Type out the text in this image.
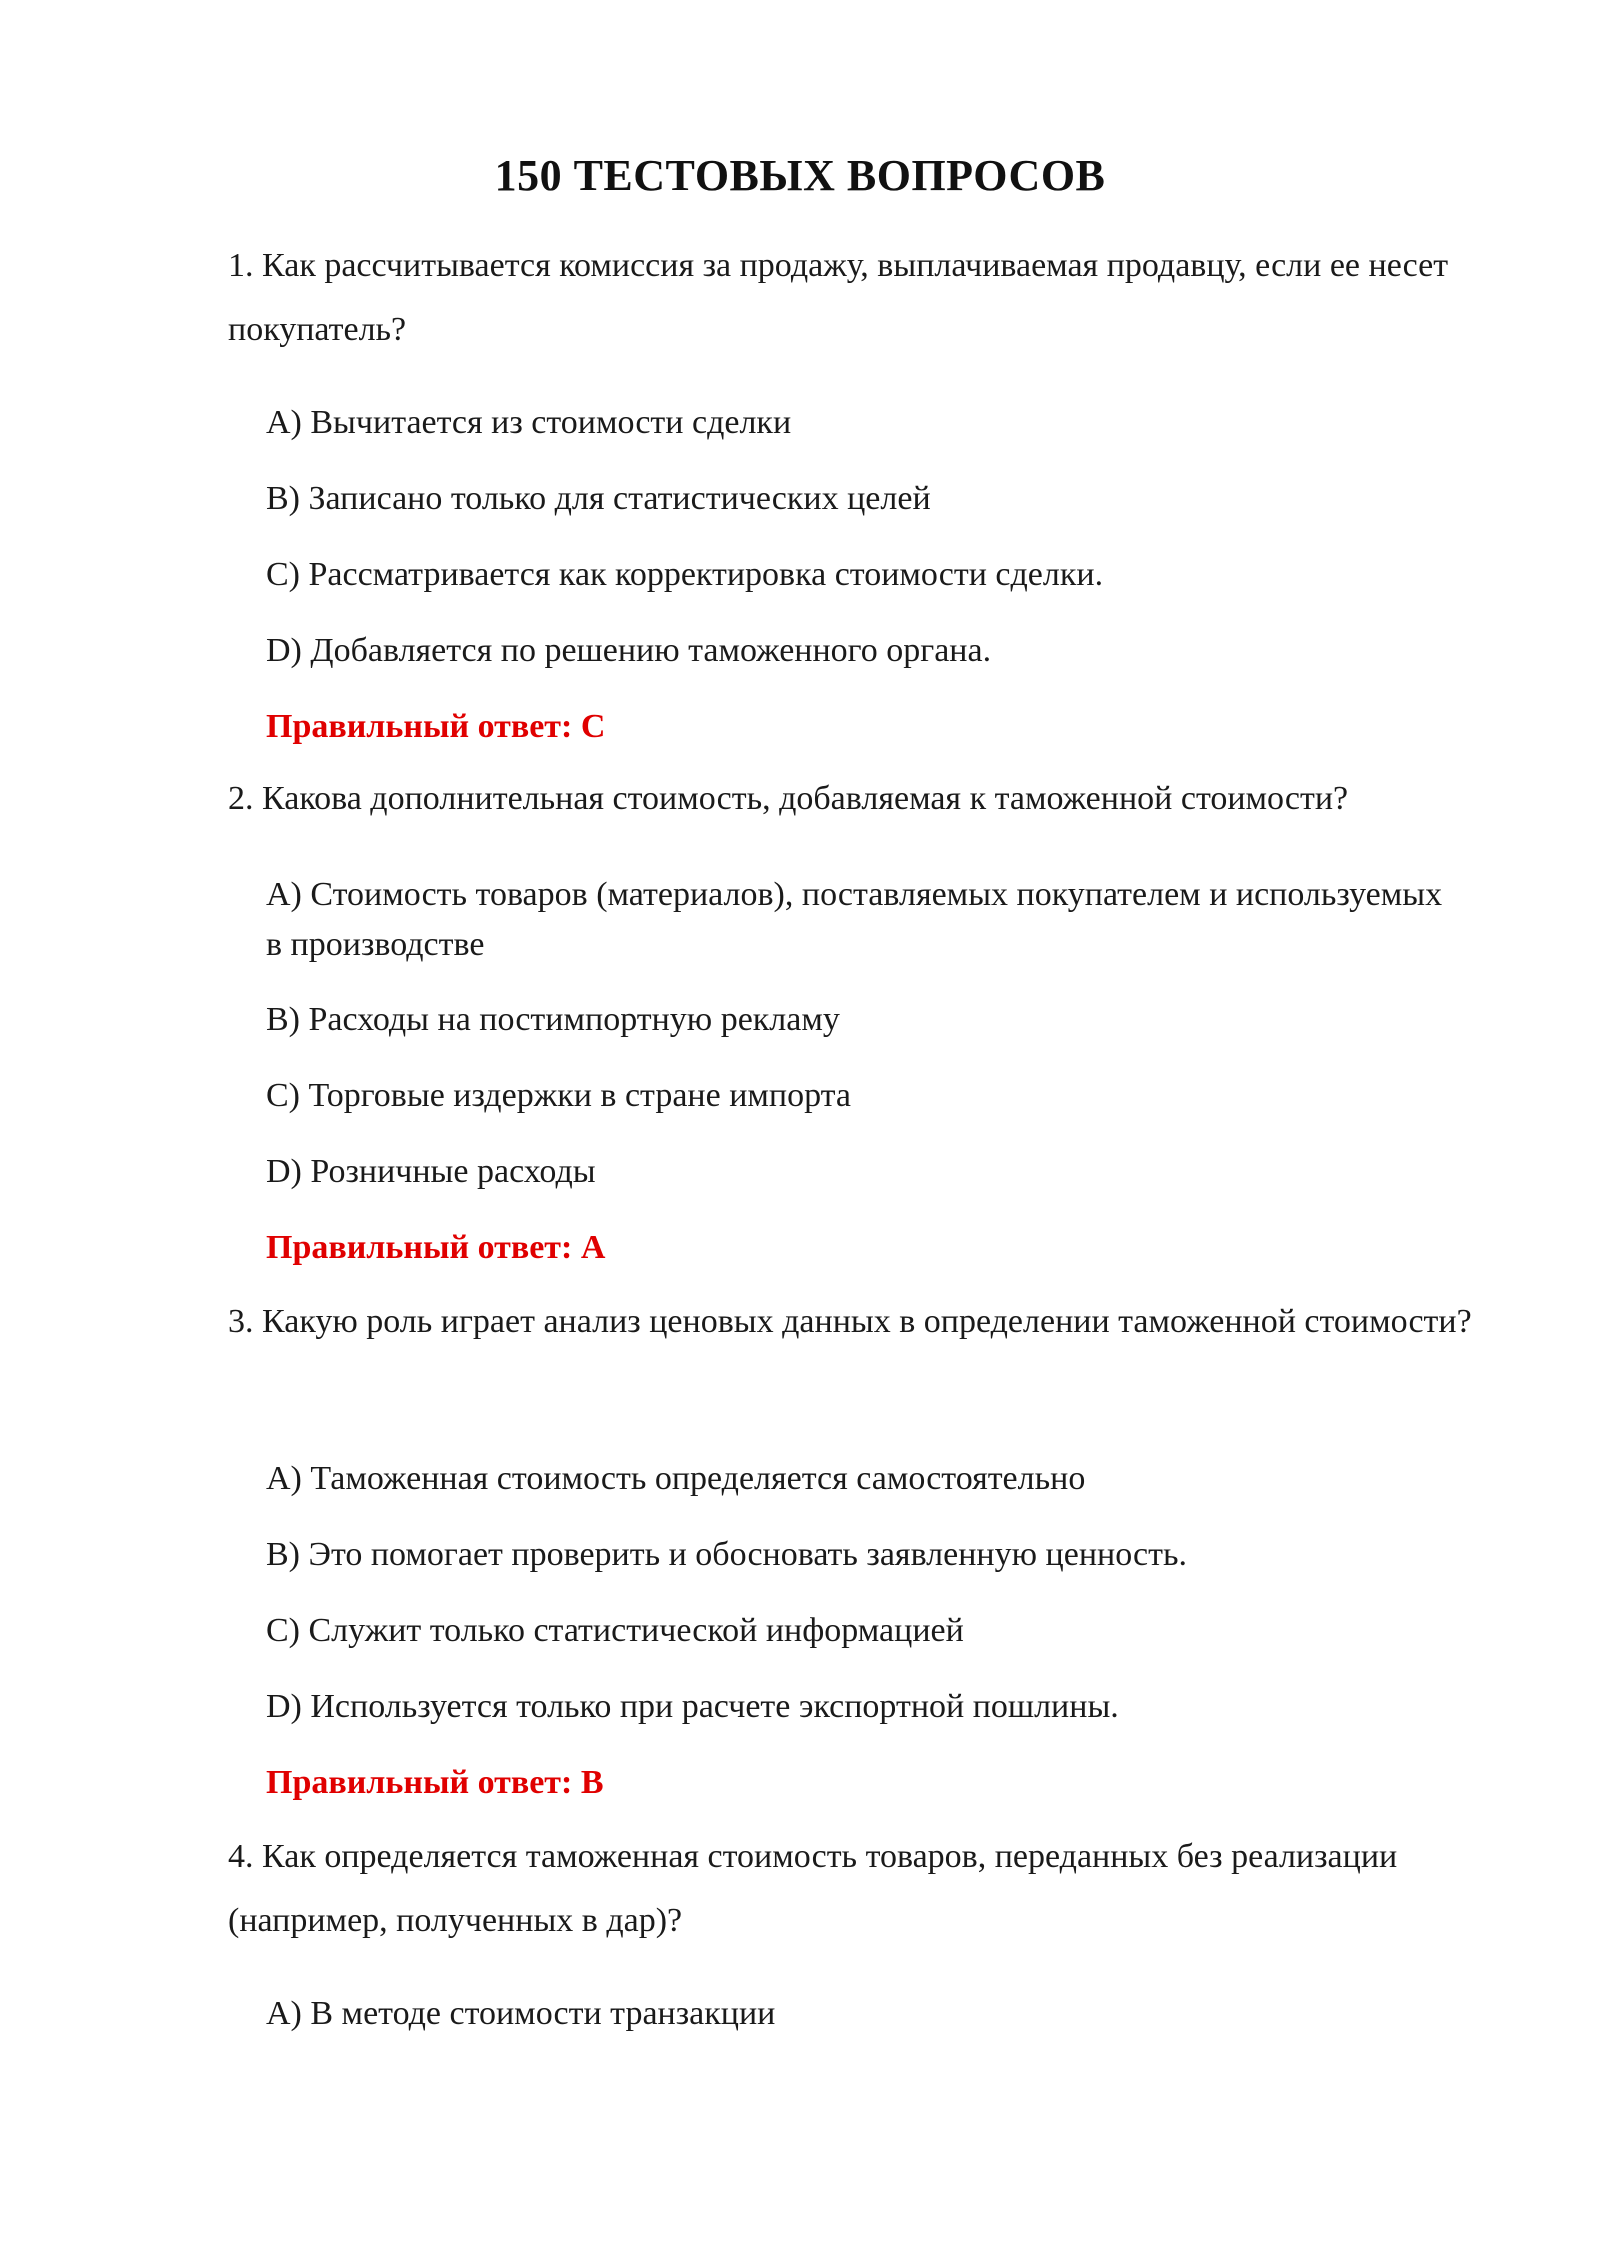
150 ТЕСТОВЫХ ВОПРОСОВ
1. Как рассчитывается комиссия за продажу, выплачиваемая продавцу, если ее несет покупатель?
A) Вычитается из стоимости сделки
B) Записано только для статистических целей
C) Рассматривается как корректировка стоимости сделки.
D) Добавляется по решению таможенного органа.
Правильный ответ: C
2. Какова дополнительная стоимость, добавляемая к таможенной стоимости?
A) Стоимость товаров (материалов), поставляемых покупателем и используемых в производстве
B) Расходы на постимпортную рекламу
C) Торговые издержки в стране импорта
D) Розничные расходы
Правильный ответ: A
3. Какую роль играет анализ ценовых данных в определении таможенной стоимости?
A) Таможенная стоимость определяется самостоятельно
B) Это помогает проверить и обосновать заявленную ценность.
C) Служит только статистической информацией
D) Используется только при расчете экспортной пошлины.
Правильный ответ: B
4. Как определяется таможенная стоимость товаров, переданных без реализации (например, полученных в дар)?
A) В методе стоимости транзакции
